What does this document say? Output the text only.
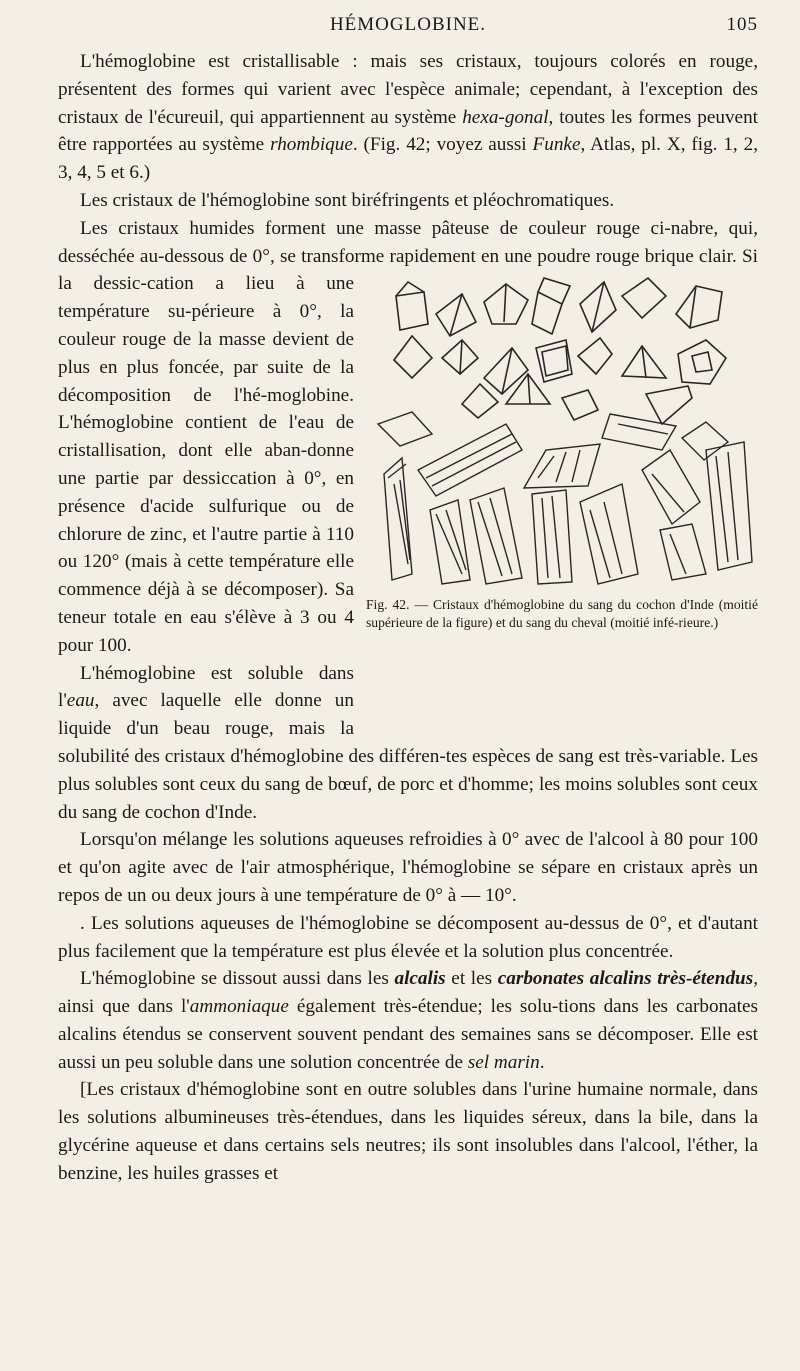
HÉMOGLOBINE.	105

L'hémoglobine est cristallisable : mais ses cristaux, toujours colorés en rouge, présentent des formes qui varient avec l'espèce animale; cependant, à l'exception des cristaux de l'écureuil, qui appartiennent au système hexa-gonal, toutes les formes peuvent être rapportées au système rhombique. (Fig. 42; voyez aussi Funke, Atlas, pl. X, fig. 1, 2, 3, 4, 5 et 6.)

Les cristaux de l'hémoglobine sont biréfringents et pléochromatiques.

Les cristaux humides forment une masse pâteuse de couleur rouge ci-nabre, qui, desséchée au-dessous de 0°, se transforme rapidement en une poudre rouge brique clair.
Fig. 42. — Cristaux d'hémoglobine du sang du cochon d'Inde (moitié supérieure de la figure) et du sang du cheval (moitié infé-rieure.)
Si la dessic-cation a lieu à une température su-périeure à 0°, la couleur rouge de la masse devient de plus en plus foncée, par suite de la décomposition de l'hé-moglobine. L'hémoglobine contient de l'eau de cristallisation, dont elle aban-donne une partie par dessiccation à 0°, en présence d'acide sulfurique ou de chlorure de zinc, et l'autre partie à 110 ou 120° (mais à cette température elle commence déjà à se décomposer). Sa teneur totale en eau s'élève à 3 ou 4 pour 100.

L'hémoglobine est soluble dans l'eau, avec laquelle elle donne un liquide d'un beau rouge, mais la solubilité des cristaux d'hémoglobine des différen-tes espèces de sang est très-variable. Les plus solubles sont ceux du sang de bœuf, de porc et d'homme; les moins solubles sont ceux du sang de cochon d'Inde.

Lorsqu'on mélange les solutions aqueuses refroidies à 0° avec de l'alcool à 80 pour 100 et qu'on agite avec de l'air atmosphérique, l'hémoglobine se sépare en cristaux après un repos de un ou deux jours à une température de 0° à — 10°.

. Les solutions aqueuses de l'hémoglobine se décomposent au-dessus de 0°, et d'autant plus facilement que la température est plus élevée et la solution plus concentrée.

L'hémoglobine se dissout aussi dans les alcalis et les carbonates alcalins très-étendus, ainsi que dans l'ammoniaque également très-étendue; les solu-tions dans les carbonates alcalins étendus se conservent souvent pendant des semaines sans se décomposer. Elle est aussi un peu soluble dans une solution concentrée de sel marin.

[Les cristaux d'hémoglobine sont en outre solubles dans l'urine humaine normale, dans les solutions albumineuses très-étendues, dans les liquides séreux, dans la bile, dans la glycérine aqueuse et dans certains sels neutres; ils sont insolubles dans l'alcool, l'éther, la benzine, les huiles grasses et
